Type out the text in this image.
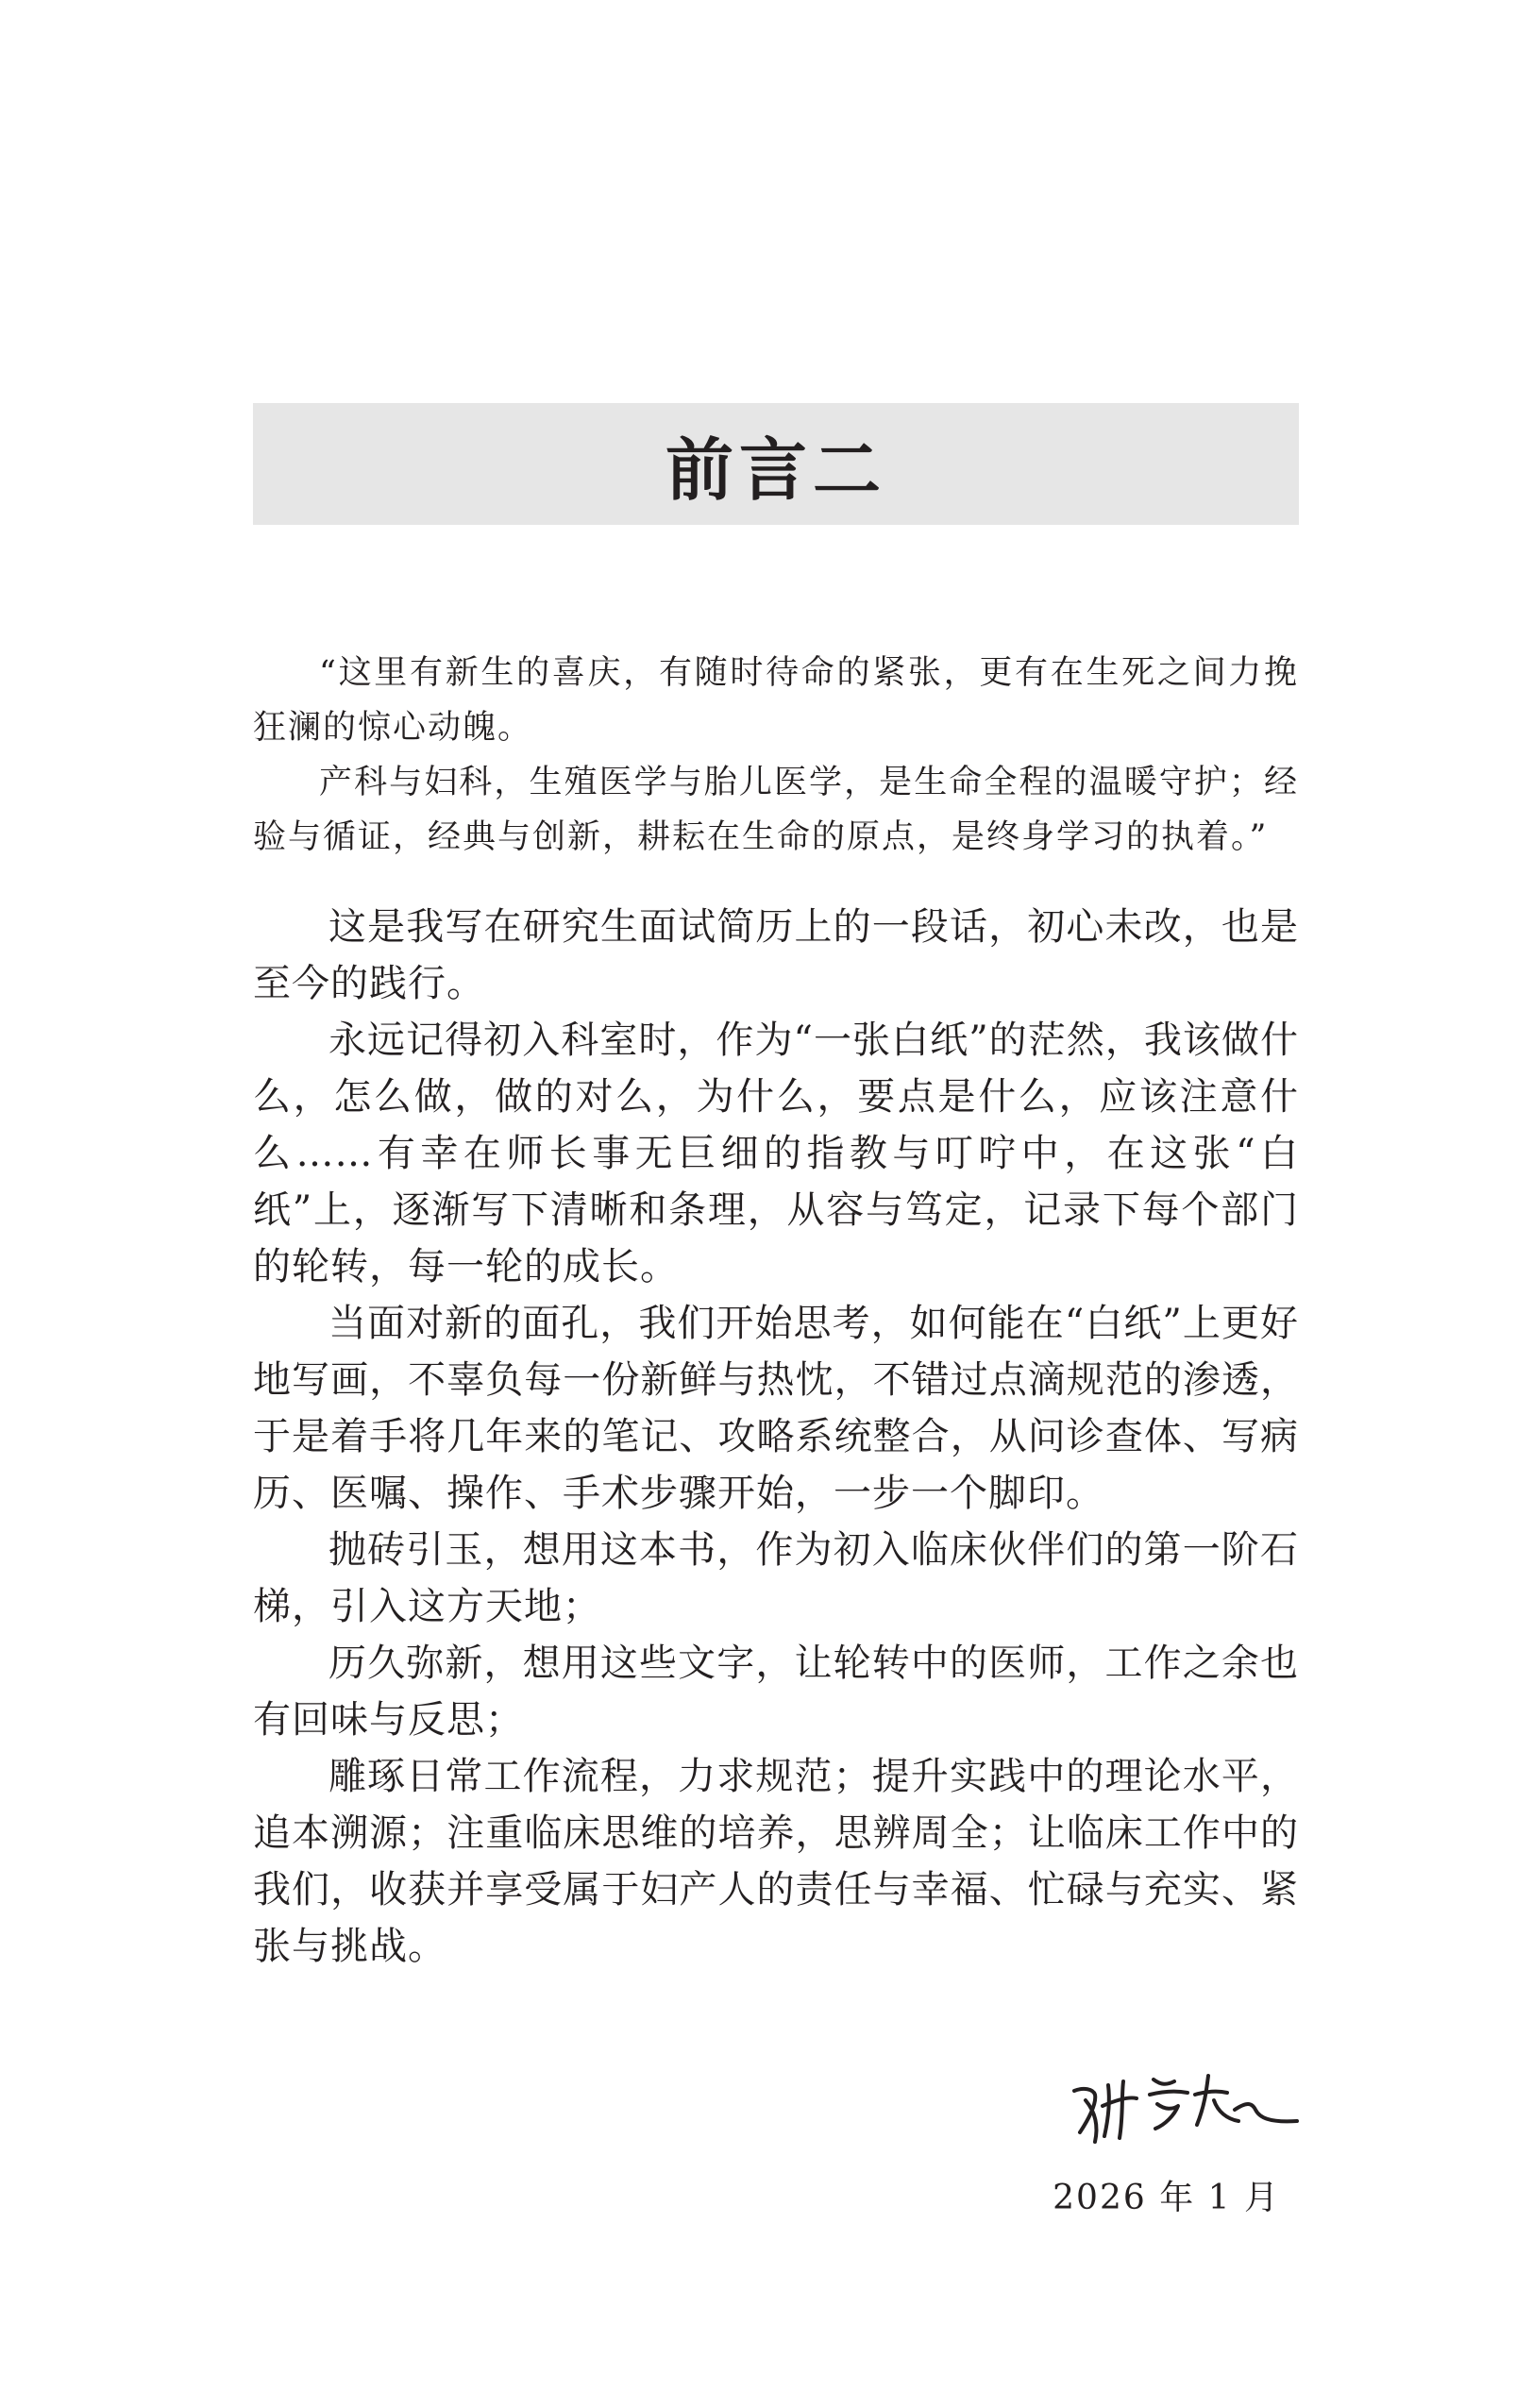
前言二

“这里有新生的喜庆，有随时待命的紧张，更有在生死之间力挽狂澜的惊心动魄。

产科与妇科，生殖医学与胎儿医学，是生命全程的温暖守护；经验与循证，经典与创新，耕耘在生命的原点，是终身学习的执着。”

这是我写在研究生面试简历上的一段话，初心未改，也是至今的践行。

永远记得初入科室时，作为“一张白纸”的茫然，我该做什么，怎么做，做的对么，为什么，要点是什么，应该注意什么……有幸在师长事无巨细的指教与叮咛中，在这张“白纸”上，逐渐写下清晰和条理，从容与笃定，记录下每个部门的轮转，每一轮的成长。

当面对新的面孔，我们开始思考，如何能在“白纸”上更好地写画，不辜负每一份新鲜与热忱，不错过点滴规范的渗透，于是着手将几年来的笔记、攻略系统整合，从问诊查体、写病历、医嘱、操作、手术步骤开始，一步一个脚印。

抛砖引玉，想用这本书，作为初入临床伙伴们的第一阶石梯，引入这方天地；

历久弥新，想用这些文字，让轮转中的医师，工作之余也有回味与反思；

雕琢日常工作流程，力求规范；提升实践中的理论水平，追本溯源；注重临床思维的培养，思辨周全；让临床工作中的我们，收获并享受属于妇产人的责任与幸福、忙碌与充实、紧张与挑战。

2026 年 1 月
